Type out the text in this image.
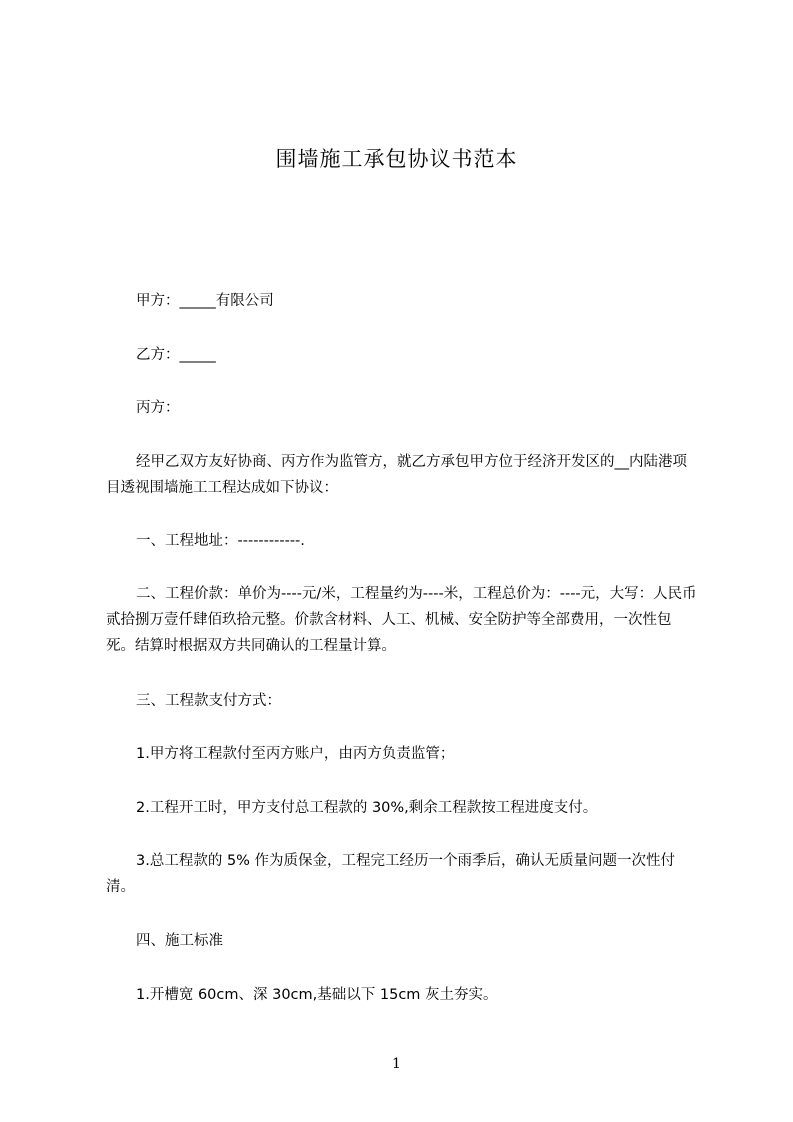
围墙施工承包协议书范本
甲方：_____有限公司
乙方：_____
丙方：
经甲乙双方友好协商、丙方作为监管方，就乙方承包甲方位于经济开发区的__内陆港项目透视围墙施工工程达成如下协议：
一、工程地址：------------.
二、工程价款：单价为----元/米，工程量约为----米，工程总价为：----元，大写：人民币贰拾捌万壹仟肆佰玖拾元整。价款含材料、人工、机械、安全防护等全部费用，一次性包死。结算时根据双方共同确认的工程量计算。
三、工程款支付方式：
1.甲方将工程款付至丙方账户，由丙方负责监管；
2.工程开工时，甲方支付总工程款的 30%,剩余工程款按工程进度支付。
3.总工程款的 5% 作为质保金，工程完工经历一个雨季后，确认无质量问题一次性付清。
四、施工标准
1.开槽宽 60cm、深 30cm,基础以下 15cm 灰土夯实。
1
